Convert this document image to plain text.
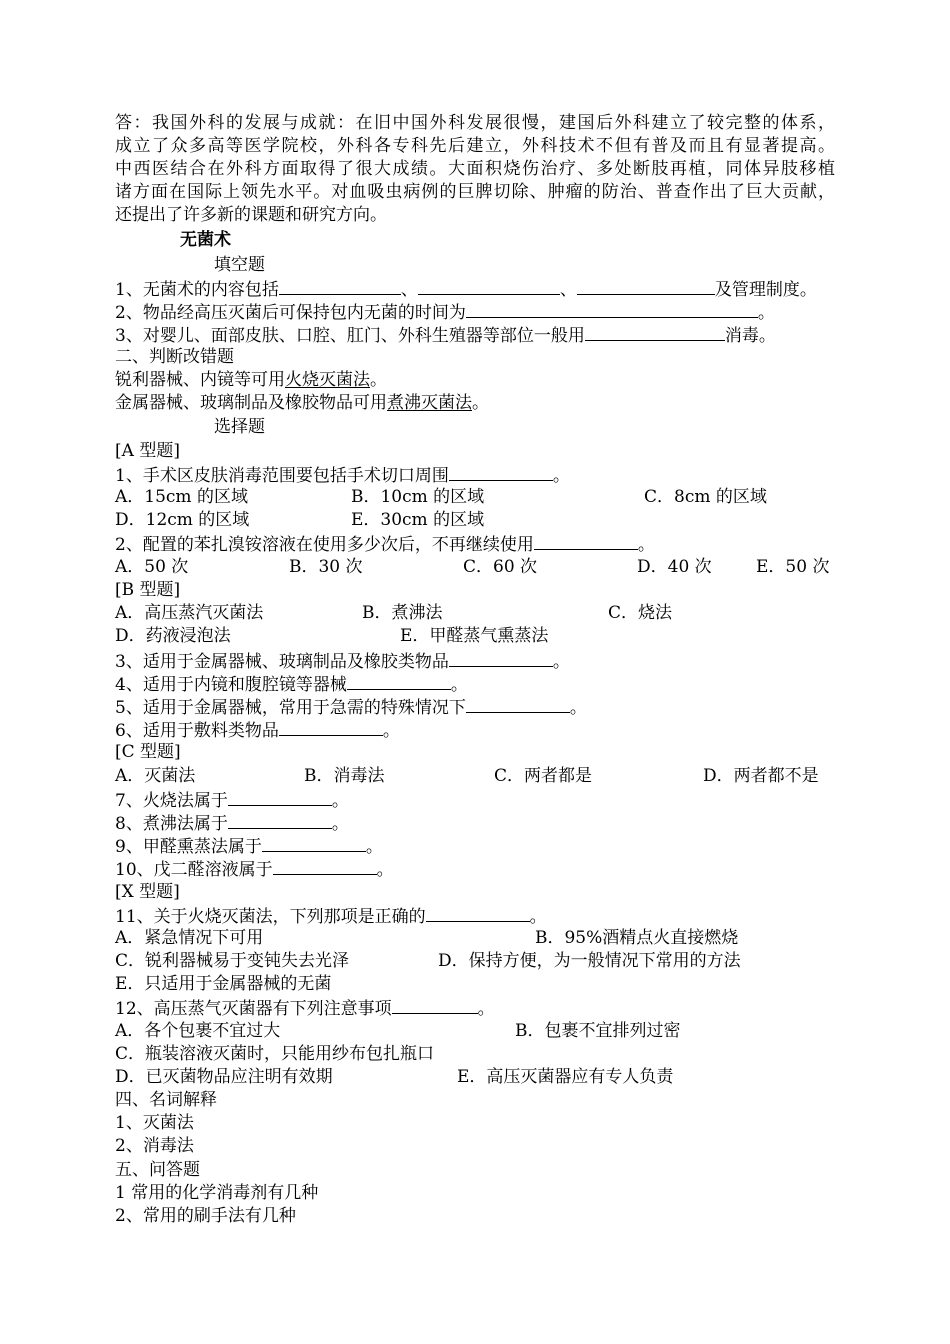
答：我国外科的发展与成就：在旧中国外科发展很慢，建国后外科建立了较完整的体系，
成立了众多高等医学院校，外科各专科先后建立，外科技术不但有普及而且有显著提高。
中西医结合在外科方面取得了很大成绩。大面积烧伤治疗、多处断肢再植，同体异肢移植
诸方面在国际上领先水平。对血吸虫病例的巨脾切除、肿瘤的防治、普查作出了巨大贡献，
还提出了许多新的课题和研究方向。
无菌术
填空题
1、无菌术的内容包括	、	、	及管理制度。
2、物品经高压灭菌后可保持包内无菌的时间为	。
3、对婴儿、面部皮肤、口腔、肛门、外科生殖器等部位一般用	消毒。
二、判断改错题
锐利器械、内镜等可用火烧灭菌法。
金属器械、玻璃制品及橡胶物品可用煮沸灭菌法。
选择题
[A 型题]
1、手术区皮肤消毒范围要包括手术切口周围	。
A．15cm 的区域	B．10cm 的区域	C．8cm 的区域
D．12cm 的区域	E．30cm 的区域
2、配置的苯扎溴铵溶液在使用多少次后，不再继续使用	。
A．50 次	B．30 次	C．60 次	D．40 次	E．50 次
[B 型题]
A．高压蒸汽灭菌法	B．煮沸法	C．烧法
D．药液浸泡法	E．甲醛蒸气熏蒸法
3、适用于金属器械、玻璃制品及橡胶类物品	。
4、适用于内镜和腹腔镜等器械	。
5、适用于金属器械，常用于急需的特殊情况下	。
6、适用于敷料类物品	。
[C 型题]
A．灭菌法	B．消毒法	C．两者都是	D．两者都不是
7、火烧法属于	。
8、煮沸法属于	。
9、甲醛熏蒸法属于	。
10、戊二醛溶液属于	。
[X 型题]
11、关于火烧灭菌法，下列那项是正确的	。
A．紧急情况下可用	B．95%酒精点火直接燃烧
C．锐利器械易于变钝失去光泽	D．保持方便，为一般情况下常用的方法
E．只适用于金属器械的无菌
12、高压蒸气灭菌器有下列注意事项	。
A．各个包裹不宜过大	B．包裹不宜排列过密
C．瓶装溶液灭菌时，只能用纱布包扎瓶口
D．已灭菌物品应注明有效期	E．高压灭菌器应有专人负责
四、名词解释
1、灭菌法
2、消毒法
五、问答题
1 常用的化学消毒剂有几种
2、常用的刷手法有几种
